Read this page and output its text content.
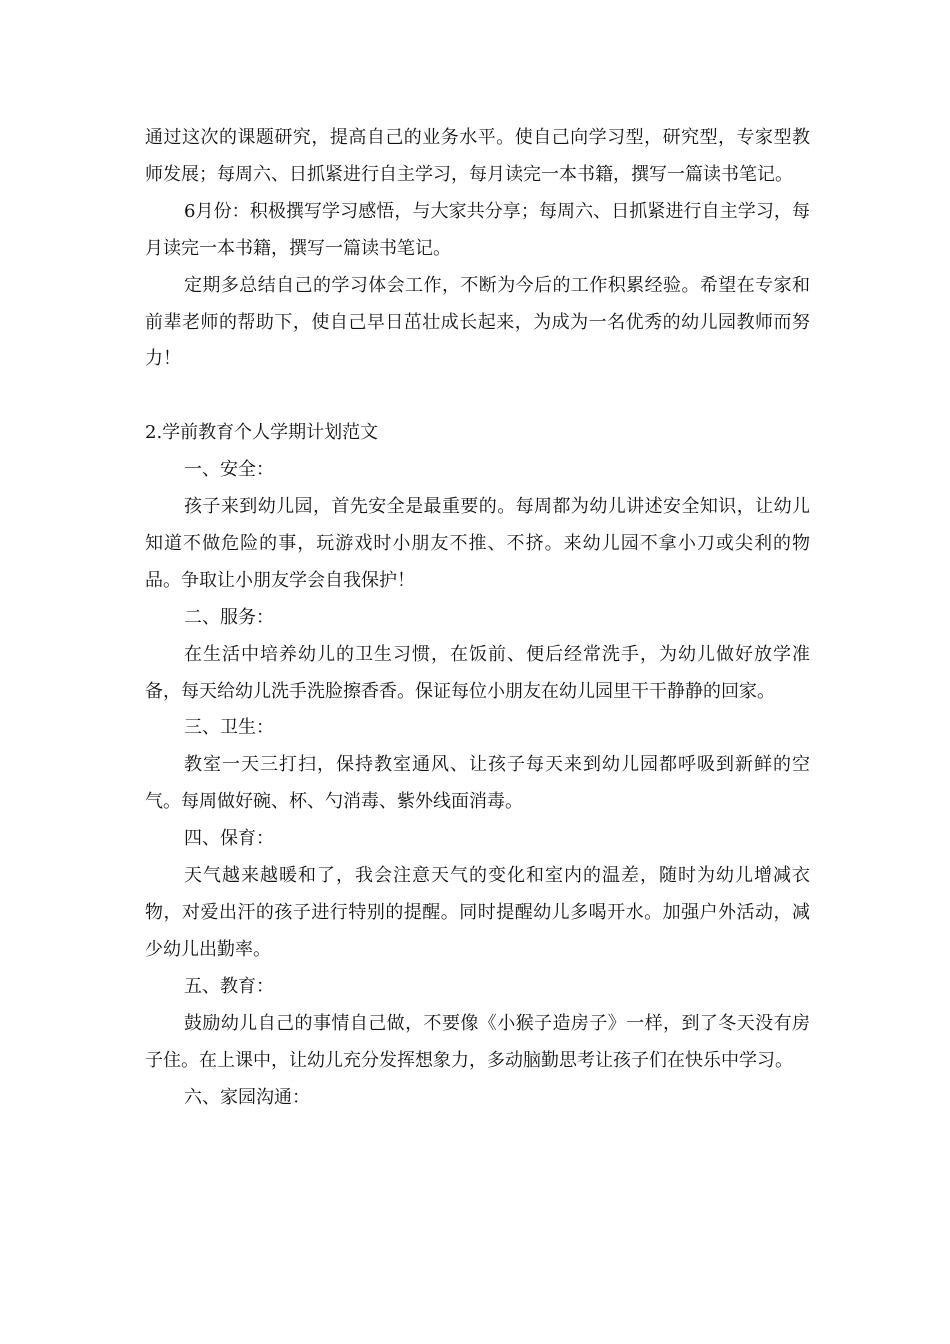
通过这次的课题研究，提高自己的业务水平。使自己向学习型，研究型，专家型教师发展；每周六、日抓紧进行自主学习，每月读完一本书籍，撰写一篇读书笔记。

6月份：积极撰写学习感悟，与大家共分享；每周六、日抓紧进行自主学习，每月读完一本书籍，撰写一篇读书笔记。

定期多总结自己的学习体会工作，不断为今后的工作积累经验。希望在专家和前辈老师的帮助下，使自己早日茁壮成长起来，为成为一名优秀的幼儿园教师而努力！

2.学前教育个人学期计划范文

一、安全：

孩子来到幼儿园，首先安全是最重要的。每周都为幼儿讲述安全知识，让幼儿知道不做危险的事，玩游戏时小朋友不推、不挤。来幼儿园不拿小刀或尖利的物品。争取让小朋友学会自我保护！

二、服务：

在生活中培养幼儿的卫生习惯，在饭前、便后经常洗手，为幼儿做好放学准备，每天给幼儿洗手洗脸擦香香。保证每位小朋友在幼儿园里干干静静的回家。

三、卫生：

教室一天三打扫，保持教室通风、让孩子每天来到幼儿园都呼吸到新鲜的空气。每周做好碗、杯、勺消毒、紫外线面消毒。

四、保育：

天气越来越暖和了，我会注意天气的变化和室内的温差，随时为幼儿增减衣物，对爱出汗的孩子进行特别的提醒。同时提醒幼儿多喝开水。加强户外活动，减少幼儿出勤率。

五、教育：

鼓励幼儿自己的事情自己做，不要像《小猴子造房子》一样，到了冬天没有房子住。在上课中，让幼儿充分发挥想象力，多动脑勤思考让孩子们在快乐中学习。

六、家园沟通：
